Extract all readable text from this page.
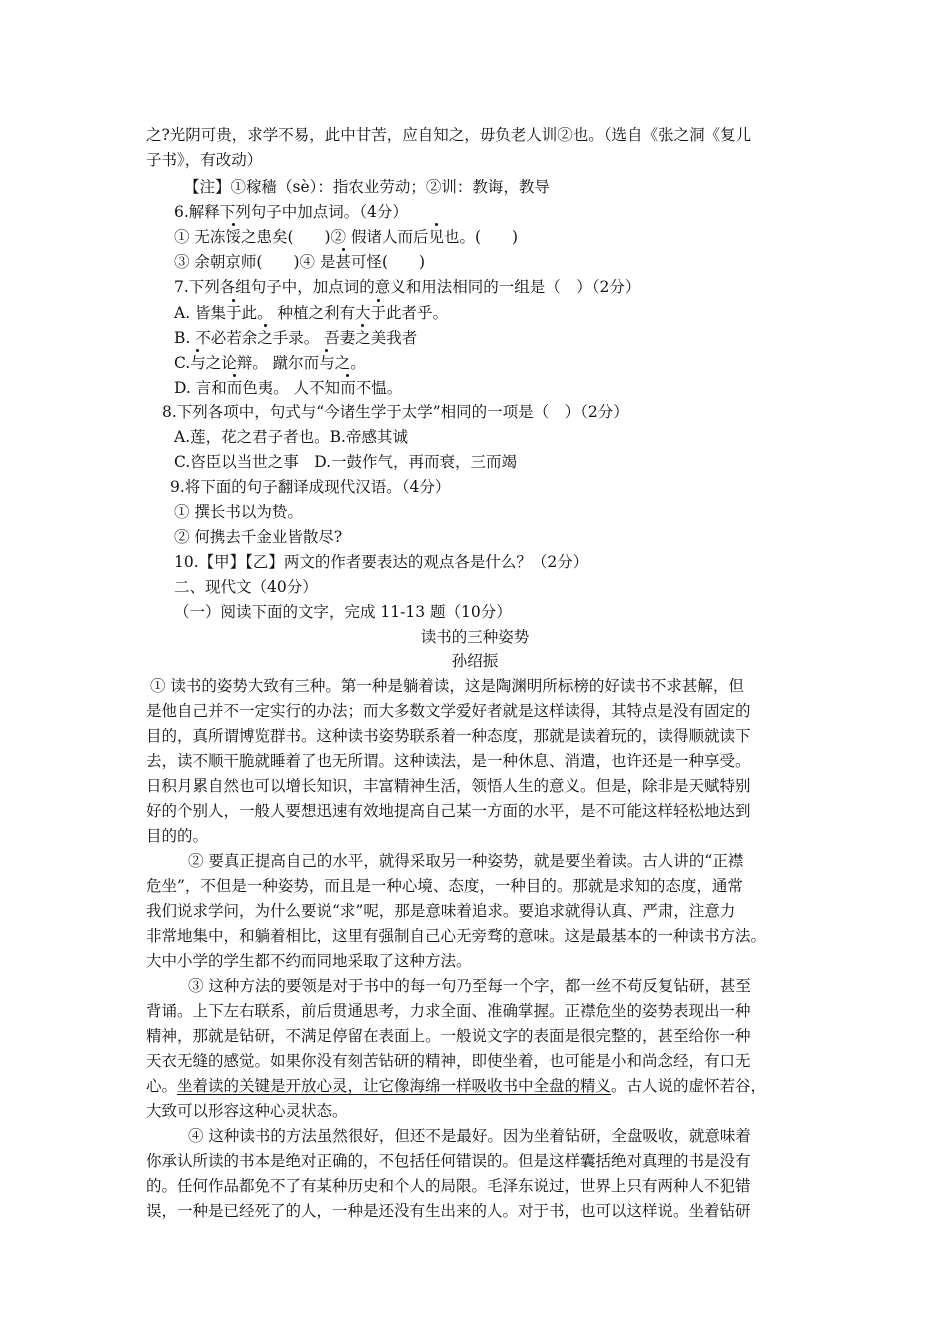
之?光阴可贵，求学不易，此中甘苦，应自知之，毋负老人训②也。（选自《张之洞《复儿
子书》，有改动）
【注】①稼穑（sè）：指农业劳动；②训：教诲，教导
6.解释下列句子中加点词。（4分）
① 无冻馁之患矣(　　)② 假诸人而后见也。(　　)
③ 余朝京师(　　)④ 是甚可怪(　　)
7.下列各组句子中，加点词的意义和用法相同的一组是（　）（2分）
A. 皆集于此。 种植之利有大于此者乎。
B. 不必若余之手录。 吾妻之美我者
C.与之论辩。 蹴尔而与之。
D. 言和而色夷。 人不知而不愠。
8.下列各项中，句式与“今诸生学于太学”相同的一项是（　）（2分）
A.莲，花之君子者也。B.帝感其诚
C.咨臣以当世之事　D.一鼓作气，再而衰，三而竭
9.将下面的句子翻译成现代汉语。（4分）
① 撰长书以为贽。
② 何携去千金业皆散尽?
10.【甲】【乙】两文的作者要表达的观点各是什么？（2分）
二、现代文（40分）
（一）阅读下面的文字，完成 11-13 题（10分）
读书的三种姿势
孙绍振
① 读书的姿势大致有三种。第一种是躺着读，这是陶渊明所标榜的好读书不求甚解，但
是他自己并不一定实行的办法；而大多数文学爱好者就是这样读得，其特点是没有固定的
目的，真所谓博览群书。这种读书姿势联系着一种态度，那就是读着玩的，读得顺就读下
去，读不顺干脆就睡着了也无所谓。这种读法，是一种休息、消遣，也许还是一种享受。
日积月累自然也可以增长知识，丰富精神生活，领悟人生的意义。但是，除非是天赋特别
好的个别人，一般人要想迅速有效地提高自己某一方面的水平，是不可能这样轻松地达到
目的的。
② 要真正提高自己的水平，就得采取另一种姿势，就是要坐着读。古人讲的“正襟
危坐”，不但是一种姿势，而且是一种心境、态度，一种目的。那就是求知的态度，通常
我们说求学问，为什么要说“求”呢，那是意味着追求。要追求就得认真、严肃，注意力
非常地集中，和躺着相比，这里有强制自己心无旁骛的意味。这是最基本的一种读书方法。
大中小学的学生都不约而同地采取了这种方法。
③ 这种方法的要领是对于书中的每一句乃至每一个字，都一丝不苟反复钻研，甚至
背诵。上下左右联系，前后贯通思考，力求全面、准确掌握。正襟危坐的姿势表现出一种
精神，那就是钻研，不满足停留在表面上。一般说文字的表面是很完整的，甚至给你一种
天衣无缝的感觉。如果你没有刻苦钻研的精神，即使坐着，也可能是小和尚念经，有口无
心。坐着读的关键是开放心灵，让它像海绵一样吸收书中全盘的精义。古人说的虚怀若谷，
大致可以形容这种心灵状态。
④ 这种读书的方法虽然很好，但还不是最好。因为坐着钻研，全盘吸收，就意味着
你承认所读的书本是绝对正确的，不包括任何错误的。但是这样囊括绝对真理的书是没有
的。任何作品都免不了有某种历史和个人的局限。毛泽东说过，世界上只有两种人不犯错
误，一种是已经死了的人，一种是还没有生出来的人。对于书，也可以这样说。坐着钻研
